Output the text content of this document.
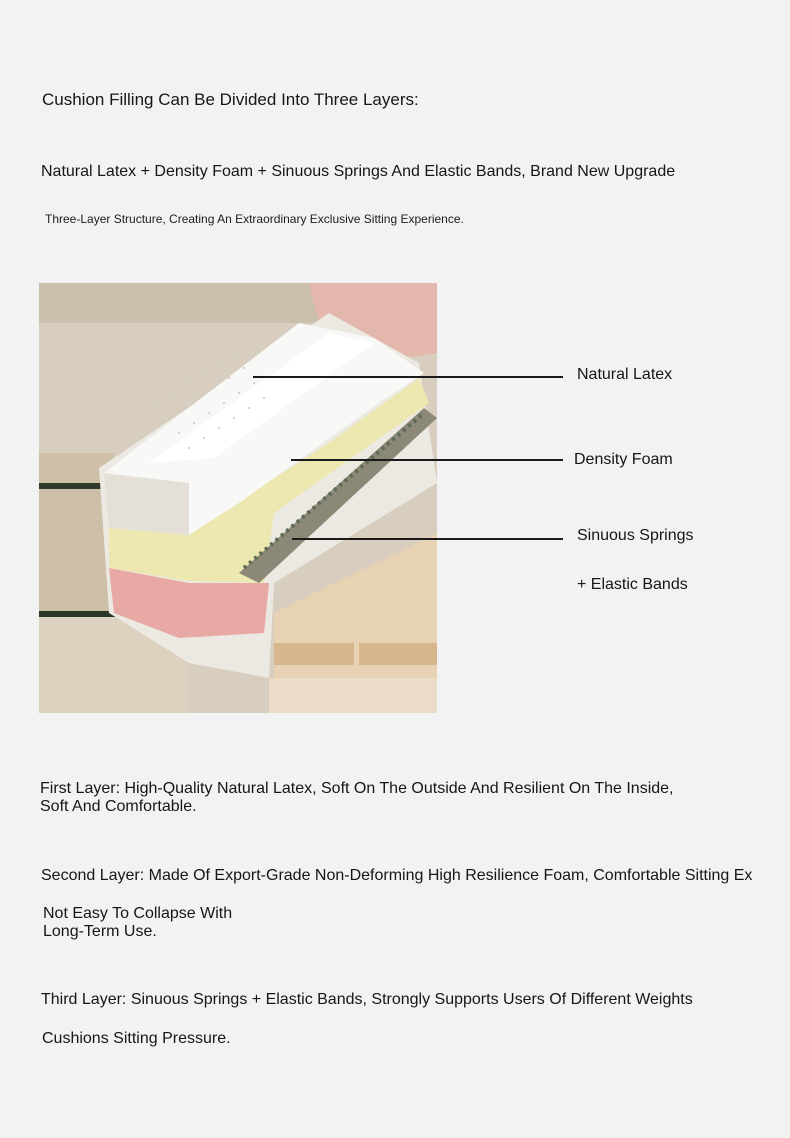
Cushion Filling Can Be Divided Into Three Layers:
Natural Latex + Density Foam + Sinuous Springs And Elastic Bands, Brand New Upgrade
Three-Layer Structure, Creating An Extraordinary Exclusive Sitting Experience.
Natural Latex
Density Foam
Sinuous Springs
+ Elastic Bands
First Layer: High-Quality Natural Latex, Soft On The Outside And Resilient On The Inside, Soft And Comfortable.
Second Layer: Made Of Export-Grade Non-Deforming High Resilience Foam, Comfortable Sitting Ex
Not Easy To Collapse With Long-Term Use.
Third Layer: Sinuous Springs + Elastic Bands, Strongly Supports Users Of Different Weights
Cushions Sitting Pressure.
